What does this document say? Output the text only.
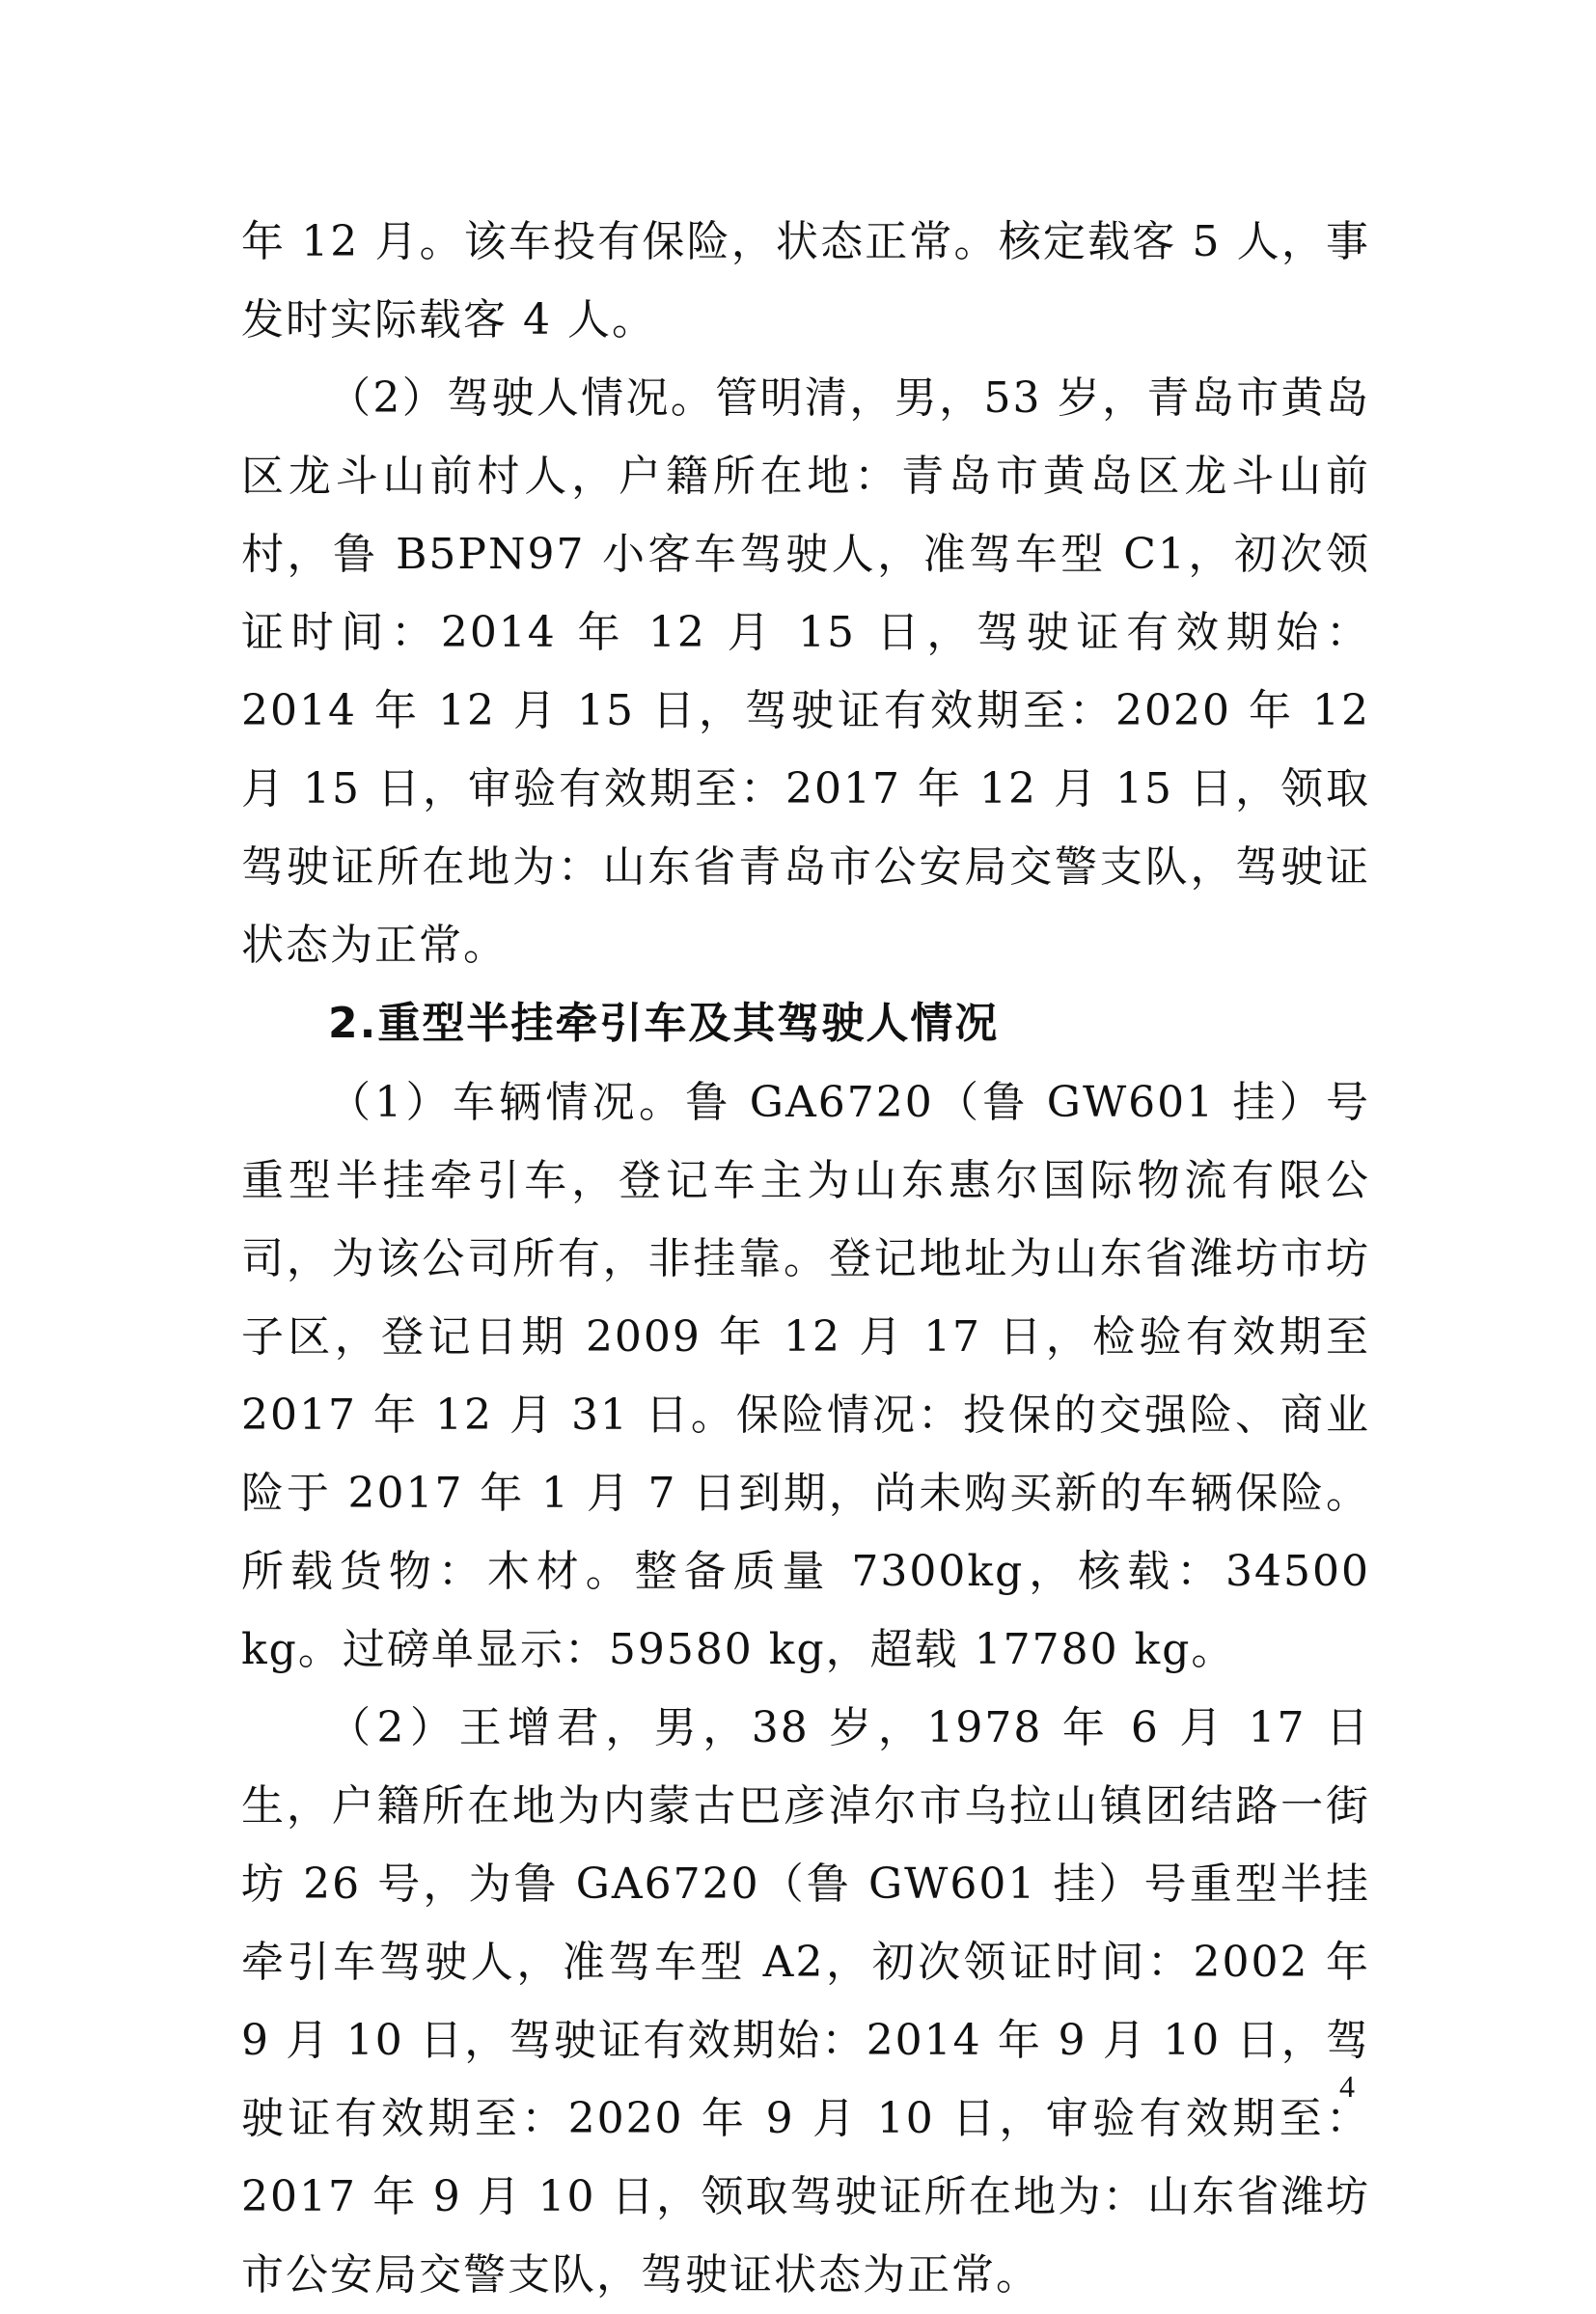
年 12 月。该车投有保险，状态正常。核定载客 5 人，事发时实际载客 4 人。

（2）驾驶人情况。管明清，男，53 岁，青岛市黄岛区龙斗山前村人，户籍所在地：青岛市黄岛区龙斗山前村，鲁 B5PN97 小客车驾驶人，准驾车型 C1，初次领证时间：2014 年 12 月 15 日，驾驶证有效期始：2014 年 12 月 15 日，驾驶证有效期至：2020 年 12 月 15 日，审验有效期至：2017 年 12 月 15 日，领取驾驶证所在地为：山东省青岛市公安局交警支队，驾驶证状态为正常。

2.重型半挂牵引车及其驾驶人情况

（1）车辆情况。鲁 GA6720（鲁 GW601 挂）号重型半挂牵引车，登记车主为山东惠尔国际物流有限公司，为该公司所有，非挂靠。登记地址为山东省潍坊市坊子区，登记日期 2009 年 12 月 17 日，检验有效期至 2017 年 12 月 31 日。保险情况：投保的交强险、商业险于 2017 年 1 月 7 日到期，尚未购买新的车辆保险。所载货物：木材。整备质量 7300kg，核载：34500 kg。过磅单显示：59580 kg，超载 17780 kg。

（2）王增君，男，38 岁，1978 年 6 月 17 日生，户籍所在地为内蒙古巴彦淖尔市乌拉山镇团结路一街坊 26 号，为鲁 GA6720（鲁 GW601 挂）号重型半挂牵引车驾驶人，准驾车型 A2，初次领证时间：2002 年 9 月 10 日，驾驶证有效期始：2014 年 9 月 10 日，驾驶证有效期至：2020 年 9 月 10 日，审验有效期至：2017 年 9 月 10 日，领取驾驶证所在地为：山东省潍坊市公安局交警支队，驾驶证状态为正常。

4
